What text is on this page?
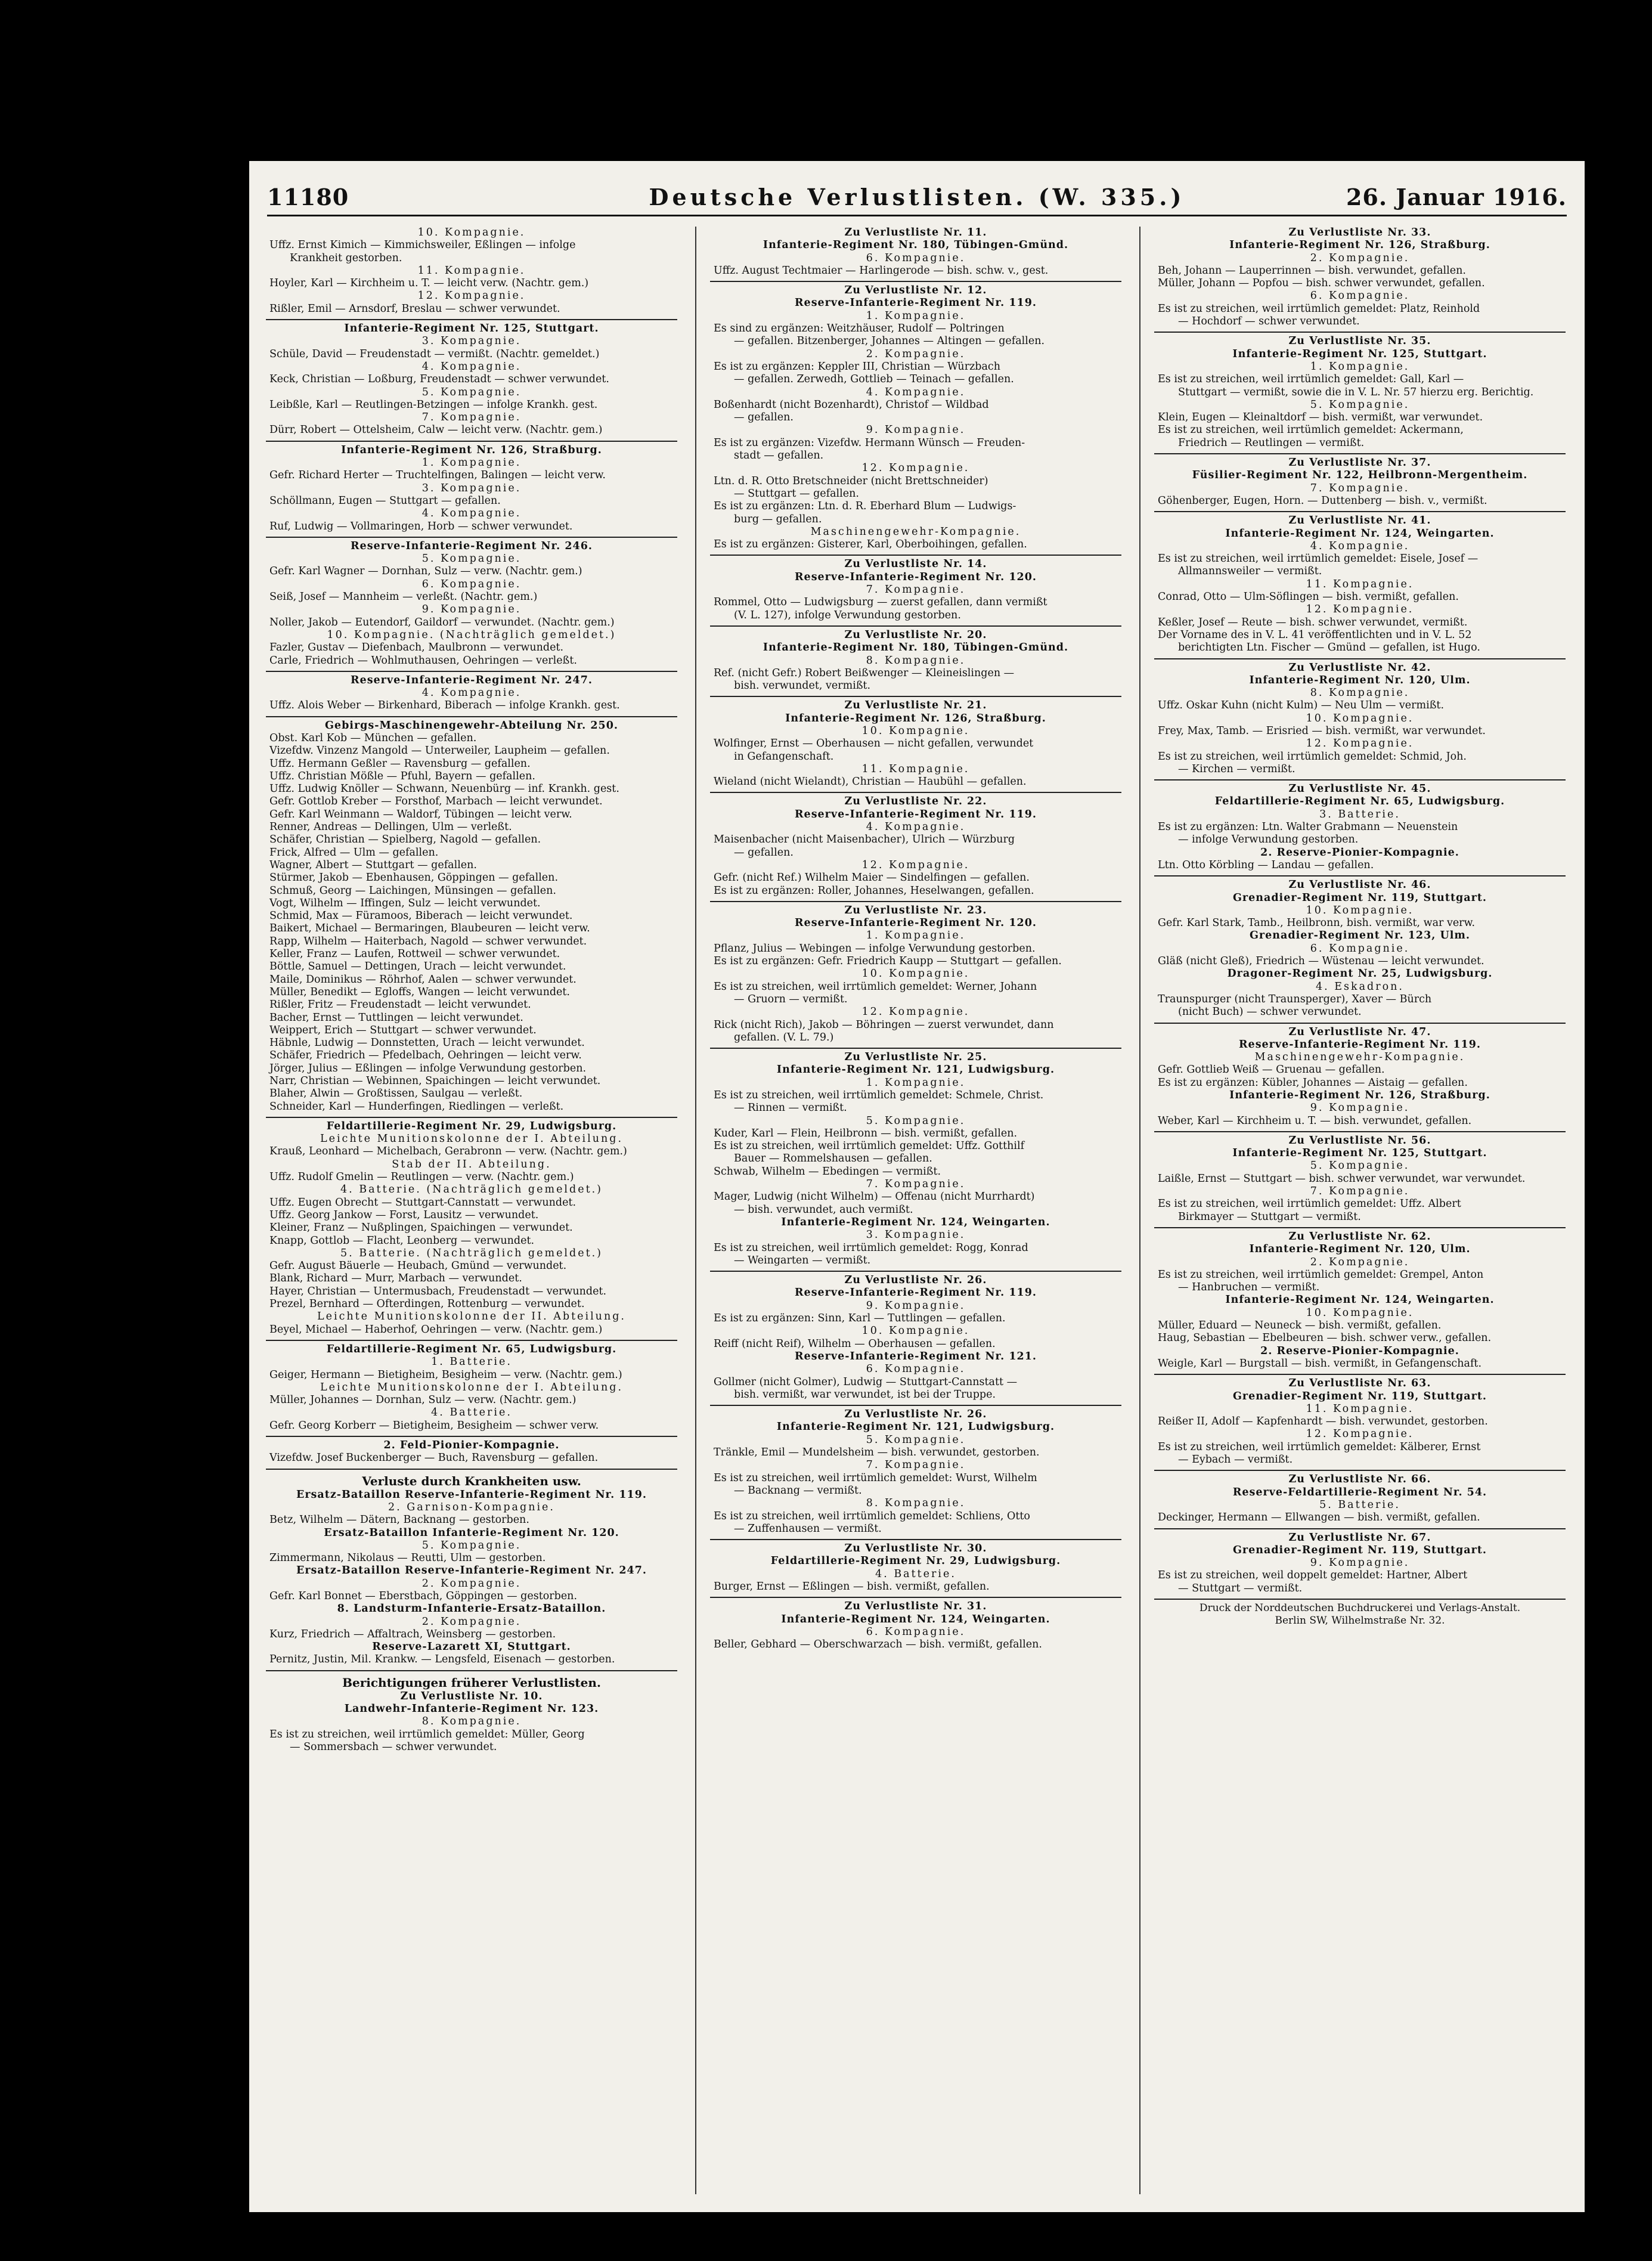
Deutsche Verlustlisten. (W. 335.)
11180	26. Januar 1916.
10. Kompagnie.
Uffz. Ernst Kimich — Kimmichsweiler, Eßlingen — infolge
Krankheit gestorben.
11. Kompagnie.
Hoyler, Karl — Kirchheim u. T. — leicht verw. (Nachtr. gem.)
12. Kompagnie.
Rißler, Emil — Arnsdorf, Breslau — schwer verwundet.
Infanterie-Regiment Nr. 125, Stuttgart.
3. Kompagnie.
Schüle, David — Freudenstadt — vermißt. (Nachtr. gemeldet.)
4. Kompagnie.
Keck, Christian — Loßburg, Freudenstadt — schwer verwundet.
5. Kompagnie.
Leibßle, Karl — Reutlingen-Betzingen — infolge Krankh. gest.
7. Kompagnie.
Dürr, Robert — Ottelsheim, Calw — leicht verw. (Nachtr. gem.)
Infanterie-Regiment Nr. 126, Straßburg.
1. Kompagnie.
Gefr. Richard Herter — Truchtelfingen, Balingen — leicht verw.
3. Kompagnie.
Schöllmann, Eugen — Stuttgart — gefallen.
4. Kompagnie.
Ruf, Ludwig — Vollmaringen, Horb — schwer verwundet.
Reserve-Infanterie-Regiment Nr. 246.
5. Kompagnie.
Gefr. Karl Wagner — Dornhan, Sulz — verw. (Nachtr. gem.)
6. Kompagnie.
Seiß, Josef — Mannheim — verleßt. (Nachtr. gem.)
9. Kompagnie.
Noller, Jakob — Eutendorf, Gaildorf — verwundet. (Nachtr. gem.)
10. Kompagnie. (Nachträglich gemeldet.)
Fazler, Gustav — Diefenbach, Maulbronn — verwundet.
Carle, Friedrich — Wohlmuthausen, Oehringen — verleßt.
Reserve-Infanterie-Regiment Nr. 247.
4. Kompagnie.
Uffz. Alois Weber — Birkenhard, Biberach — infolge Krankh. gest.
Gebirgs-Maschinengewehr-Abteilung Nr. 250.
Obst. Karl Kob — München — gefallen.
Vizefdw. Vinzenz Mangold — Unterweiler, Laupheim — gefallen.
Uffz. Hermann Geßler — Ravensburg — gefallen.
Uffz. Christian Mößle — Pfuhl, Bayern — gefallen.
Uffz. Ludwig Knöller — Schwann, Neuenbürg — inf. Krankh. gest.
Gefr. Gottlob Kreber — Forsthof, Marbach — leicht verwundet.
Gefr. Karl Weinmann — Waldorf, Tübingen — leicht verw.
Renner, Andreas — Dellingen, Ulm — verleßt.
Schäfer, Christian — Spielberg, Nagold — gefallen.
Frick, Alfred — Ulm — gefallen.
Wagner, Albert — Stuttgart — gefallen.
Stürmer, Jakob — Ebenhausen, Göppingen — gefallen.
Schmuß, Georg — Laichingen, Münsingen — gefallen.
Vogt, Wilhelm — Iffingen, Sulz — leicht verwundet.
Schmid, Max — Füramoos, Biberach — leicht verwundet.
Baikert, Michael — Bermaringen, Blaubeuren — leicht verw.
Rapp, Wilhelm — Haiterbach, Nagold — schwer verwundet.
Keller, Franz — Laufen, Rottweil — schwer verwundet.
Böttle, Samuel — Dettingen, Urach — leicht verwundet.
Maile, Dominikus — Röhrhof, Aalen — schwer verwundet.
Müller, Benedikt — Egloffs, Wangen — leicht verwundet.
Rißler, Fritz — Freudenstadt — leicht verwundet.
Bacher, Ernst — Tuttlingen — leicht verwundet.
Weippert, Erich — Stuttgart — schwer verwundet.
Häbnle, Ludwig — Donnstetten, Urach — leicht verwundet.
Schäfer, Friedrich — Pfedelbach, Oehringen — leicht verw.
Jörger, Julius — Eßlingen — infolge Verwundung gestorben.
Narr, Christian — Webinnen, Spaichingen — leicht verwundet.
Blaher, Alwin — Großtissen, Saulgau — verleßt.
Schneider, Karl — Hunderfingen, Riedlingen — verleßt.
Feldartillerie-Regiment Nr. 29, Ludwigsburg.
Leichte Munitionskolonne der I. Abteilung.
Krauß, Leonhard — Michelbach, Gerabronn — verw. (Nachtr. gem.)
Stab der II. Abteilung.
Uffz. Rudolf Gmelin — Reutlingen — verw. (Nachtr. gem.)
4. Batterie. (Nachträglich gemeldet.)
Uffz. Eugen Obrecht — Stuttgart-Cannstatt — verwundet.
Uffz. Georg Jankow — Forst, Lausitz — verwundet.
Kleiner, Franz — Nußplingen, Spaichingen — verwundet.
Knapp, Gottlob — Flacht, Leonberg — verwundet.
5. Batterie. (Nachträglich gemeldet.)
Gefr. August Bäuerle — Heubach, Gmünd — verwundet.
Blank, Richard — Murr, Marbach — verwundet.
Hayer, Christian — Untermusbach, Freudenstadt — verwundet.
Prezel, Bernhard — Ofterdingen, Rottenburg — verwundet.
Leichte Munitionskolonne der II. Abteilung.
Beyel, Michael — Haberhof, Oehringen — verw. (Nachtr. gem.)
Feldartillerie-Regiment Nr. 65, Ludwigsburg.
1. Batterie.
Geiger, Hermann — Bietigheim, Besigheim — verw. (Nachtr. gem.)
Leichte Munitionskolonne der I. Abteilung.
Müller, Johannes — Dornhan, Sulz — verw. (Nachtr. gem.)
4. Batterie.
Gefr. Georg Korberr — Bietigheim, Besigheim — schwer verw.
2. Feld-Pionier-Kompagnie.
Vizefdw. Josef Buckenberger — Buch, Ravensburg — gefallen.
Verluste durch Krankheiten usw.
Ersatz-Bataillon Reserve-Infanterie-Regiment Nr. 119.
2. Garnison-Kompagnie.
Betz, Wilhelm — Dätern, Backnang — gestorben.
Ersatz-Bataillon Infanterie-Regiment Nr. 120.
5. Kompagnie.
Zimmermann, Nikolaus — Reutti, Ulm — gestorben.
Ersatz-Bataillon Reserve-Infanterie-Regiment Nr. 247.
2. Kompagnie.
Gefr. Karl Bonnet — Eberstbach, Göppingen — gestorben.
8. Landsturm-Infanterie-Ersatz-Bataillon.
2. Kompagnie.
Kurz, Friedrich — Affaltrach, Weinsberg — gestorben.
Reserve-Lazarett XI, Stuttgart.
Pernitz, Justin, Mil. Krankw. — Lengsfeld, Eisenach — gestorben.
Berichtigungen früherer Verlustlisten.
Zu Verlustliste Nr. 10.
Landwehr-Infanterie-Regiment Nr. 123.
8. Kompagnie.
Es ist zu streichen, weil irrtümlich gemeldet: Müller, Georg
— Sommersbach — schwer verwundet.
Zu Verlustliste Nr. 11.
Infanterie-Regiment Nr. 180, Tübingen-Gmünd.
6. Kompagnie.
Uffz. August Techtmaier — Harlingerode — bish. schw. v., gest.
Zu Verlustliste Nr. 12.
Reserve-Infanterie-Regiment Nr. 119.
1. Kompagnie.
Es sind zu ergänzen: Weitzhäuser, Rudolf — Poltringen
— gefallen. Bitzenberger, Johannes — Altingen — gefallen.
2. Kompagnie.
Es ist zu ergänzen: Keppler III, Christian — Würzbach
— gefallen. Zerwedh, Gottlieb — Teinach — gefallen.
4. Kompagnie.
Boßenhardt (nicht Bozenhardt), Christof — Wildbad
— gefallen.
9. Kompagnie.
Es ist zu ergänzen: Vizefdw. Hermann Wünsch — Freuden-
stadt — gefallen.
12. Kompagnie.
Ltn. d. R. Otto Bretschneider (nicht Brettschneider)
— Stuttgart — gefallen.
Es ist zu ergänzen: Ltn. d. R. Eberhard Blum — Ludwigs-
burg — gefallen.
Maschinengewehr-Kompagnie.
Es ist zu ergänzen: Gisterer, Karl, Oberboihingen, gefallen.
Zu Verlustliste Nr. 14.
Reserve-Infanterie-Regiment Nr. 120.
7. Kompagnie.
Rommel, Otto — Ludwigsburg — zuerst gefallen, dann vermißt
(V. L. 127), infolge Verwundung gestorben.
Zu Verlustliste Nr. 20.
Infanterie-Regiment Nr. 180, Tübingen-Gmünd.
8. Kompagnie.
Ref. (nicht Gefr.) Robert Beißwenger — Kleineislingen —
bish. verwundet, vermißt.
Zu Verlustliste Nr. 21.
Infanterie-Regiment Nr. 126, Straßburg.
10. Kompagnie.
Wolfinger, Ernst — Oberhausen — nicht gefallen, verwundet
in Gefangenschaft.
11. Kompagnie.
Wieland (nicht Wielandt), Christian — Haubühl — gefallen.
Zu Verlustliste Nr. 22.
Reserve-Infanterie-Regiment Nr. 119.
4. Kompagnie.
Maisenbacher (nicht Maisenbacher), Ulrich — Würzburg
— gefallen.
12. Kompagnie.
Gefr. (nicht Ref.) Wilhelm Maier — Sindelfingen — gefallen.
Es ist zu ergänzen: Roller, Johannes, Heselwangen, gefallen.
Zu Verlustliste Nr. 23.
Reserve-Infanterie-Regiment Nr. 120.
1. Kompagnie.
Pflanz, Julius — Webingen — infolge Verwundung gestorben.
Es ist zu ergänzen: Gefr. Friedrich Kaupp — Stuttgart — gefallen.
10. Kompagnie.
Es ist zu streichen, weil irrtümlich gemeldet: Werner, Johann
— Gruorn — vermißt.
12. Kompagnie.
Rick (nicht Rich), Jakob — Böhringen — zuerst verwundet, dann
gefallen. (V. L. 79.)
Zu Verlustliste Nr. 25.
Infanterie-Regiment Nr. 121, Ludwigsburg.
1. Kompagnie.
Es ist zu streichen, weil irrtümlich gemeldet: Schmele, Christ.
— Rinnen — vermißt.
5. Kompagnie.
Kuder, Karl — Flein, Heilbronn — bish. vermißt, gefallen.
Es ist zu streichen, weil irrtümlich gemeldet: Uffz. Gotthilf
Bauer — Rommelshausen — gefallen.
Schwab, Wilhelm — Ebedingen — vermißt.
7. Kompagnie.
Mager, Ludwig (nicht Wilhelm) — Offenau (nicht Murrhardt)
— bish. verwundet, auch vermißt.
Infanterie-Regiment Nr. 124, Weingarten.
3. Kompagnie.
Es ist zu streichen, weil irrtümlich gemeldet: Rogg, Konrad
— Weingarten — vermißt.
Zu Verlustliste Nr. 26.
Reserve-Infanterie-Regiment Nr. 119.
9. Kompagnie.
Es ist zu ergänzen: Sinn, Karl — Tuttlingen — gefallen.
10. Kompagnie.
Reiff (nicht Reif), Wilhelm — Oberhausen — gefallen.
Reserve-Infanterie-Regiment Nr. 121.
6. Kompagnie.
Gollmer (nicht Golmer), Ludwig — Stuttgart-Cannstatt —
bish. vermißt, war verwundet, ist bei der Truppe.
Zu Verlustliste Nr. 26.
Infanterie-Regiment Nr. 121, Ludwigsburg.
5. Kompagnie.
Tränkle, Emil — Mundelsheim — bish. verwundet, gestorben.
7. Kompagnie.
Es ist zu streichen, weil irrtümlich gemeldet: Wurst, Wilhelm
— Backnang — vermißt.
8. Kompagnie.
Es ist zu streichen, weil irrtümlich gemeldet: Schliens, Otto
— Zuffenhausen — vermißt.
Zu Verlustliste Nr. 30.
Feldartillerie-Regiment Nr. 29, Ludwigsburg.
4. Batterie.
Burger, Ernst — Eßlingen — bish. vermißt, gefallen.
Zu Verlustliste Nr. 31.
Infanterie-Regiment Nr. 124, Weingarten.
6. Kompagnie.
Beller, Gebhard — Oberschwarzach — bish. vermißt, gefallen.
Zu Verlustliste Nr. 33.
Infanterie-Regiment Nr. 126, Straßburg.
2. Kompagnie.
Beh, Johann — Lauperrinnen — bish. verwundet, gefallen.
Müller, Johann — Popfou — bish. schwer verwundet, gefallen.
6. Kompagnie.
Es ist zu streichen, weil irrtümlich gemeldet: Platz, Reinhold
— Hochdorf — schwer verwundet.
Zu Verlustliste Nr. 35.
Infanterie-Regiment Nr. 125, Stuttgart.
1. Kompagnie.
Es ist zu streichen, weil irrtümlich gemeldet: Gall, Karl —
Stuttgart — vermißt, sowie die in V. L. Nr. 57 hierzu erg. Berichtig.
5. Kompagnie.
Klein, Eugen — Kleinaltdorf — bish. vermißt, war verwundet.
Es ist zu streichen, weil irrtümlich gemeldet: Ackermann,
Friedrich — Reutlingen — vermißt.
Zu Verlustliste Nr. 37.
Füsilier-Regiment Nr. 122, Heilbronn-Mergentheim.
7. Kompagnie.
Göhenberger, Eugen, Horn. — Duttenberg — bish. v., vermißt.
Zu Verlustliste Nr. 41.
Infanterie-Regiment Nr. 124, Weingarten.
4. Kompagnie.
Es ist zu streichen, weil irrtümlich gemeldet: Eisele, Josef —
Allmannsweiler — vermißt.
11. Kompagnie.
Conrad, Otto — Ulm-Söflingen — bish. vermißt, gefallen.
12. Kompagnie.
Keßler, Josef — Reute — bish. schwer verwundet, vermißt.
Der Vorname des in V. L. 41 veröffentlichten und in V. L. 52
berichtigten Ltn. Fischer — Gmünd — gefallen, ist Hugo.
Zu Verlustliste Nr. 42.
Infanterie-Regiment Nr. 120, Ulm.
8. Kompagnie.
Uffz. Oskar Kuhn (nicht Kulm) — Neu Ulm — vermißt.
10. Kompagnie.
Frey, Max, Tamb. — Erisried — bish. vermißt, war verwundet.
12. Kompagnie.
Es ist zu streichen, weil irrtümlich gemeldet: Schmid, Joh.
— Kirchen — vermißt.
Zu Verlustliste Nr. 45.
Feldartillerie-Regiment Nr. 65, Ludwigsburg.
3. Batterie.
Es ist zu ergänzen: Ltn. Walter Grabmann — Neuenstein
— infolge Verwundung gestorben.
2. Reserve-Pionier-Kompagnie.
Ltn. Otto Körbling — Landau — gefallen.
Zu Verlustliste Nr. 46.
Grenadier-Regiment Nr. 119, Stuttgart.
10. Kompagnie.
Gefr. Karl Stark, Tamb., Heilbronn, bish. vermißt, war verw.
Grenadier-Regiment Nr. 123, Ulm.
6. Kompagnie.
Gläß (nicht Gleß), Friedrich — Wüstenau — leicht verwundet.
Dragoner-Regiment Nr. 25, Ludwigsburg.
4. Eskadron.
Traunspurger (nicht Traunsperger), Xaver — Bürch
(nicht Buch) — schwer verwundet.
Zu Verlustliste Nr. 47.
Reserve-Infanterie-Regiment Nr. 119.
Maschinengewehr-Kompagnie.
Gefr. Gottlieb Weiß — Gruenau — gefallen.
Es ist zu ergänzen: Kübler, Johannes — Aistaig — gefallen.
Infanterie-Regiment Nr. 126, Straßburg.
9. Kompagnie.
Weber, Karl — Kirchheim u. T. — bish. verwundet, gefallen.
Zu Verlustliste Nr. 56.
Infanterie-Regiment Nr. 125, Stuttgart.
5. Kompagnie.
Laißle, Ernst — Stuttgart — bish. schwer verwundet, war verwundet.
7. Kompagnie.
Es ist zu streichen, weil irrtümlich gemeldet: Uffz. Albert
Birkmayer — Stuttgart — vermißt.
Zu Verlustliste Nr. 62.
Infanterie-Regiment Nr. 120, Ulm.
2. Kompagnie.
Es ist zu streichen, weil irrtümlich gemeldet: Grempel, Anton
— Hanbruchen — vermißt.
Infanterie-Regiment Nr. 124, Weingarten.
10. Kompagnie.
Müller, Eduard — Neuneck — bish. vermißt, gefallen.
Haug, Sebastian — Ebelbeuren — bish. schwer verw., gefallen.
2. Reserve-Pionier-Kompagnie.
Weigle, Karl — Burgstall — bish. vermißt, in Gefangenschaft.
Zu Verlustliste Nr. 63.
Grenadier-Regiment Nr. 119, Stuttgart.
11. Kompagnie.
Reißer II, Adolf — Kapfenhardt — bish. verwundet, gestorben.
12. Kompagnie.
Es ist zu streichen, weil irrtümlich gemeldet: Kälberer, Ernst
— Eybach — vermißt.
Zu Verlustliste Nr. 66.
Reserve-Feldartillerie-Regiment Nr. 54.
5. Batterie.
Deckinger, Hermann — Ellwangen — bish. vermißt, gefallen.
Zu Verlustliste Nr. 67.
Grenadier-Regiment Nr. 119, Stuttgart.
9. Kompagnie.
Es ist zu streichen, weil doppelt gemeldet: Hartner, Albert
— Stuttgart — vermißt.
Druck der Norddeutschen Buchdruckerei und Verlags-Anstalt.
Berlin SW, Wilhelmstraße Nr. 32.
